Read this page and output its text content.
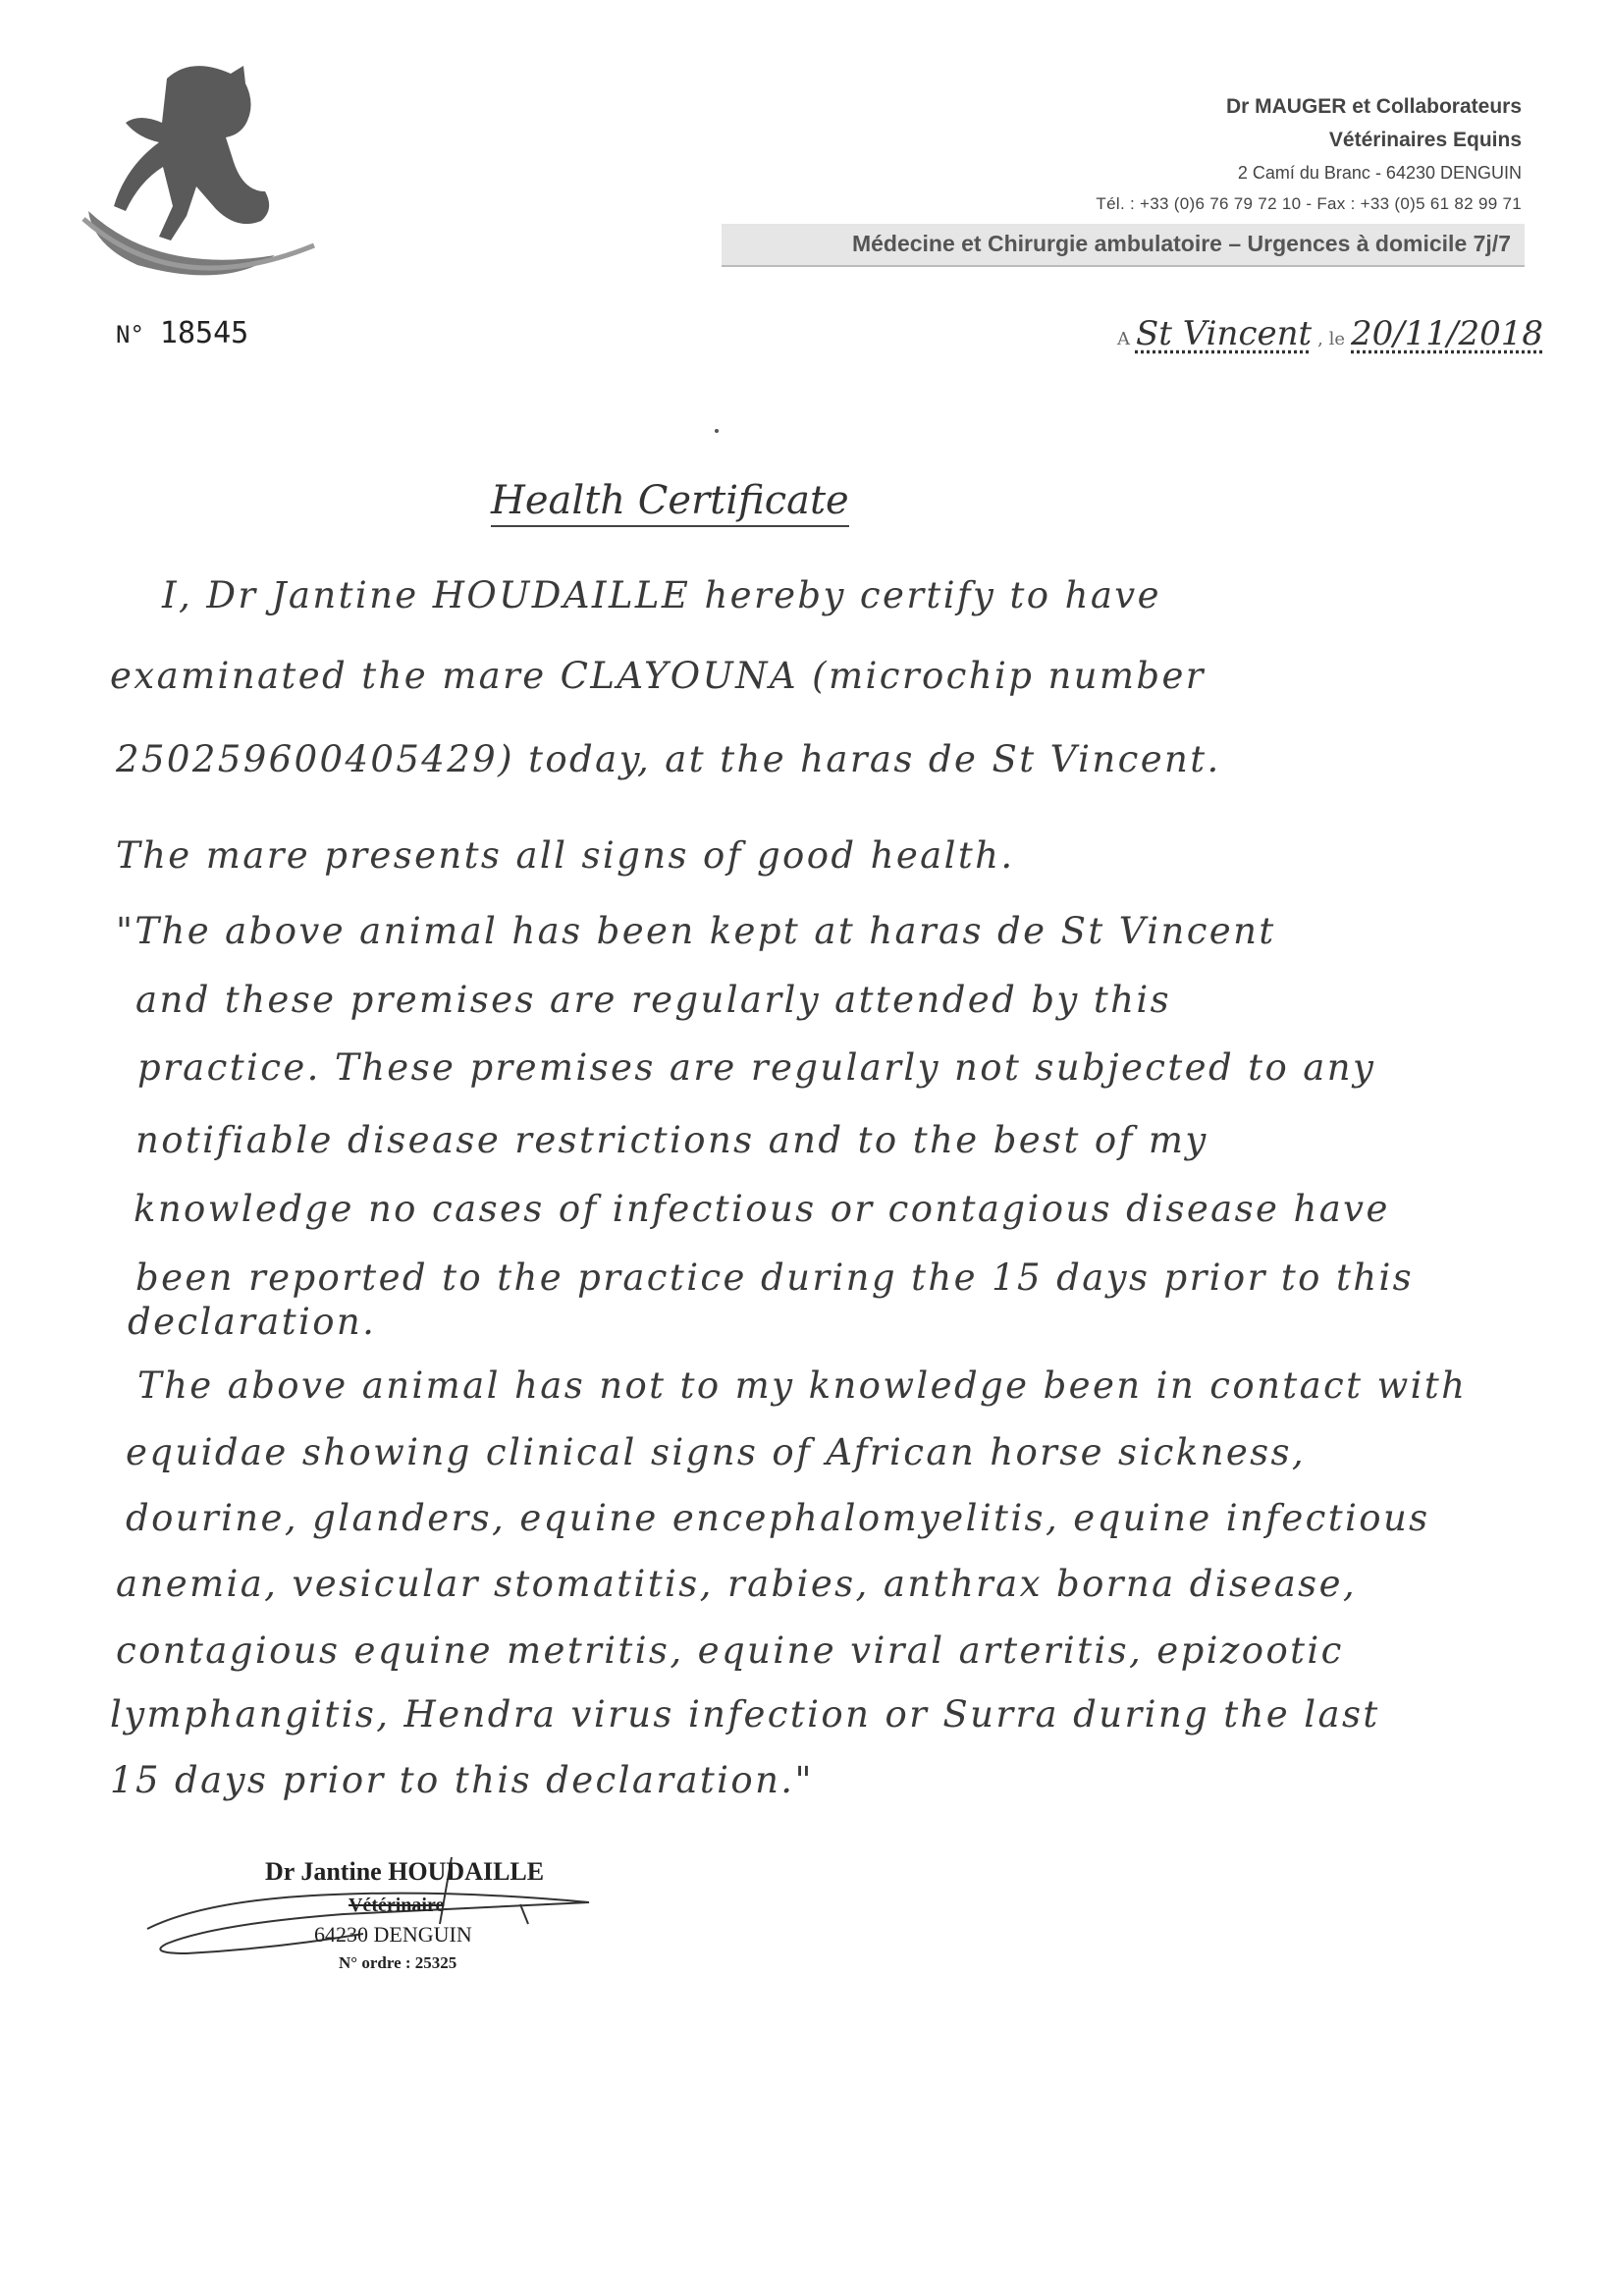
Dr MAUGER et Collaborateurs
Vétérinaires Equins
2 Camí du Branc - 64230 DENGUIN
Tél. : +33 (0)6 76 79 72 10 - Fax : +33 (0)5 61 82 99 71
Médecine et Chirurgie ambulatoire – Urgences à domicile 7j/7
N° 18545	A St Vincent , le 20/11/2018
Health Certificate
I, Dr Jantine HOUDAILLE hereby certify to have
examinated the mare CLAYOUNA (microchip number
250259600405429) today, at the haras de St Vincent.
The mare presents all signs of good health.
"The above animal has been kept at haras de St Vincent
and these premises are regularly attended by this
practice. These premises are regularly not subjected to any
notifiable disease restrictions and to the best of my
knowledge no cases of infectious or contagious disease have
been reported to the practice during the 15 days prior to this
declaration.
The above animal has not to my knowledge been in contact with
equidae showing clinical signs of African horse sickness,
dourine, glanders, equine encephalomyelitis, equine infectious
anemia, vesicular stomatitis, rabies, anthrax borna disease,
contagious equine metritis, equine viral arteritis, epizootic
lymphangitis, Hendra virus infection or Surra during the last
15 days prior to this declaration."
Dr Jantine HOUDAILLE
Vétérinaire
64230 DENGUIN
N° ordre : 25325
